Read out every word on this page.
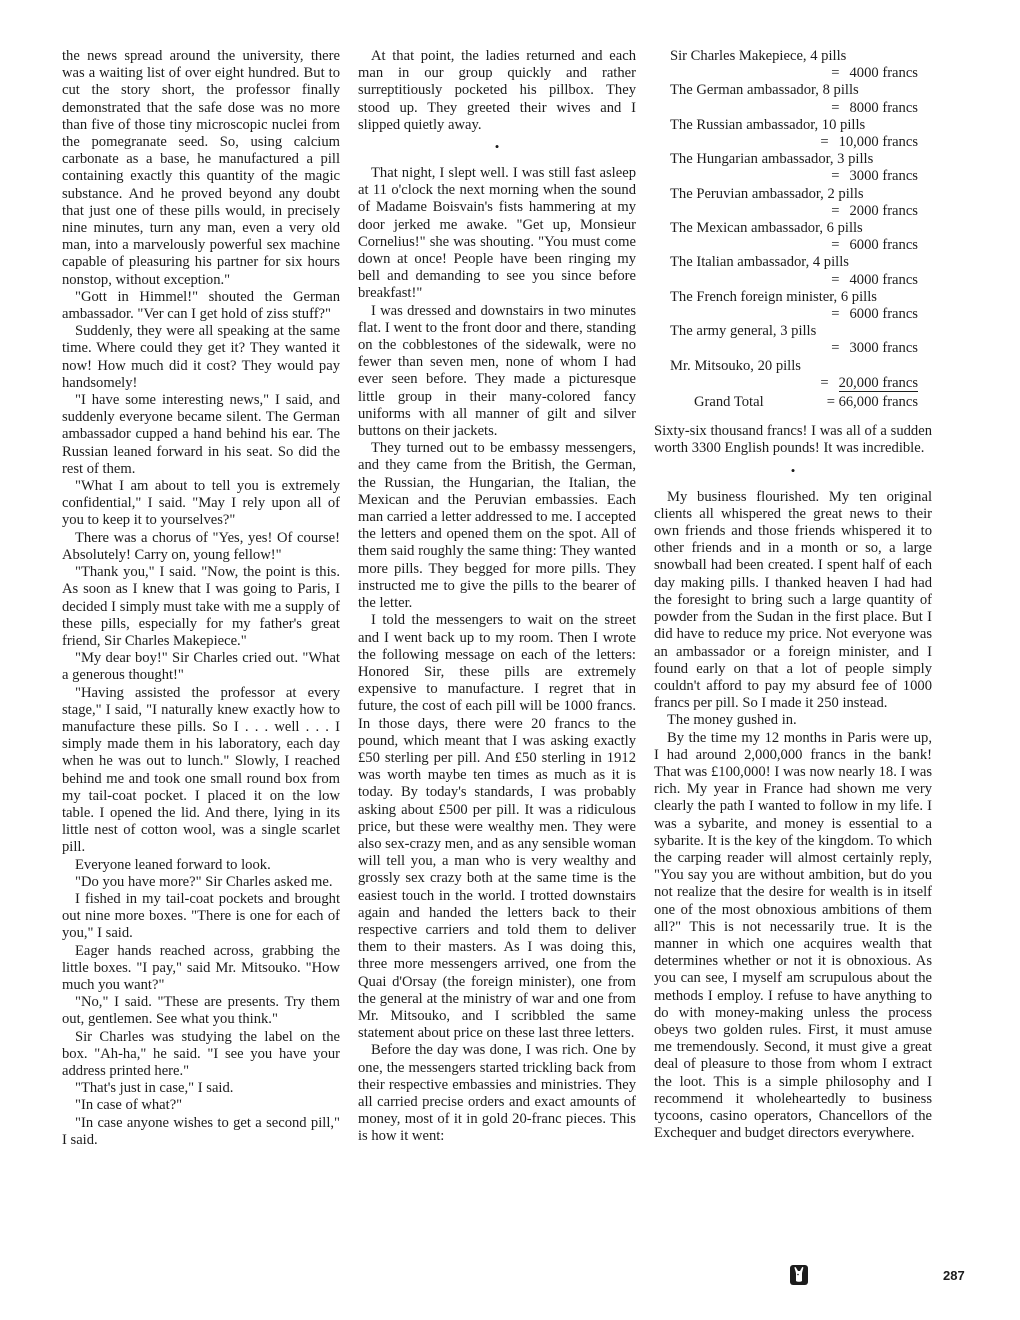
the news spread around the university, there was a waiting list of over eight hundred. But to cut the story short, the professor finally demonstrated that the safe dose was no more than five of those tiny microscopic nuclei from the pomegranate seed. So, using calcium carbonate as a base, he manufactured a pill containing exactly this quantity of the magic substance. And he proved beyond any doubt that just one of these pills would, in precisely nine minutes, turn any man, even a very old man, into a marvelously powerful sex machine capable of pleasuring his partner for six hours nonstop, without exception."

"Gott in Himmel!" shouted the German ambassador. "Ver can I get hold of ziss stuff?"

Suddenly, they were all speaking at the same time. Where could they get it? They wanted it now! How much did it cost? They would pay handsomely!

"I have some interesting news," I said, and suddenly everyone became silent. The German ambassador cupped a hand behind his ear. The Russian leaned forward in his seat. So did the rest of them.

"What I am about to tell you is extremely confidential," I said. "May I rely upon all of you to keep it to yourselves?"

There was a chorus of "Yes, yes! Of course! Absolutely! Carry on, young fellow!"

"Thank you," I said. "Now, the point is this. As soon as I knew that I was going to Paris, I decided I simply must take with me a supply of these pills, especially for my father's great friend, Sir Charles Makepiece."

"My dear boy!" Sir Charles cried out. "What a generous thought!"

"Having assisted the professor at every stage," I said, "I naturally knew exactly how to manufacture these pills. So I . . . well . . . I simply made them in his laboratory, each day when he was out to lunch." Slowly, I reached behind me and took one small round box from my tail-coat pocket. I placed it on the low table. I opened the lid. And there, lying in its little nest of cotton wool, was a single scarlet pill.

Everyone leaned forward to look.

"Do you have more?" Sir Charles asked me.

I fished in my tail-coat pockets and brought out nine more boxes. "There is one for each of you," I said.

Eager hands reached across, grabbing the little boxes. "I pay," said Mr. Mitsouko. "How much you want?"

"No," I said. "These are presents. Try them out, gentlemen. See what you think."

Sir Charles was studying the label on the box. "Ah-ha," he said. "I see you have your address printed here."

"That's just in case," I said.

"In case of what?"

"In case anyone wishes to get a second pill," I said.

At that point, the ladies returned and each man in our group quickly and rather surreptitiously pocketed his pillbox. They stood up. They greeted their wives and I slipped quietly away.

•

That night, I slept well. I was still fast asleep at 11 o'clock the next morning when the sound of Madame Boisvain's fists hammering at my door jerked me awake. "Get up, Monsieur Cornelius!" she was shouting. "You must come down at once! People have been ringing my bell and demanding to see you since before breakfast!"

I was dressed and downstairs in two minutes flat. I went to the front door and there, standing on the cobblestones of the sidewalk, were no fewer than seven men, none of whom I had ever seen before. They made a picturesque little group in their many-colored fancy uniforms with all manner of gilt and silver buttons on their jackets.

They turned out to be embassy messengers, and they came from the British, the German, the Russian, the Hungarian, the Italian, the Mexican and the Peruvian embassies. Each man carried a letter addressed to me. I accepted the letters and opened them on the spot. All of them said roughly the same thing: They wanted more pills. They begged for more pills. They instructed me to give the pills to the bearer of the letter.

I told the messengers to wait on the street and I went back up to my room. Then I wrote the following message on each of the letters: Honored Sir, these pills are extremely expensive to manufacture. I regret that in future, the cost of each pill will be 1000 francs. In those days, there were 20 francs to the pound, which meant that I was asking exactly £50 sterling per pill. And £50 sterling in 1912 was worth maybe ten times as much as it is today. By today's standards, I was probably asking about £500 per pill. It was a ridiculous price, but these were wealthy men. They were also sex-crazy men, and as any sensible woman will tell you, a man who is very wealthy and grossly sex crazy both at the same time is the easiest touch in the world. I trotted downstairs again and handed the letters back to their respective carriers and told them to deliver them to their masters. As I was doing this, three more messengers arrived, one from the Quai d'Orsay (the foreign minister), one from the general at the ministry of war and one from Mr. Mitsouko, and I scribbled the same statement about price on these last three letters.

Before the day was done, I was rich. One by one, the messengers started trickling back from their respective embassies and ministries. They all carried precise orders and exact amounts of money, most of it in gold 20-franc pieces. This is how it went:

Sir Charles Makepiece, 4 pills
= 4000 francs
The German ambassador, 8 pills
= 8000 francs
The Russian ambassador, 10 pills
= 10,000 francs
The Hungarian ambassador, 3 pills
= 3000 francs
The Peruvian ambassador, 2 pills
= 2000 francs
The Mexican ambassador, 6 pills
= 6000 francs
The Italian ambassador, 4 pills
= 4000 francs
The French foreign minister, 6 pills
= 6000 francs
The army general, 3 pills
= 3000 francs
Mr. Mitsouko, 20 pills
= 20,000 francs
Grand Total	= 66,000 francs

Sixty-six thousand francs! I was all of a sudden worth 3300 English pounds! It was incredible.

•

My business flourished. My ten original clients all whispered the great news to their own friends and those friends whispered it to other friends and in a month or so, a large snowball had been created. I spent half of each day making pills. I thanked heaven I had had the foresight to bring such a large quantity of powder from the Sudan in the first place. But I did have to reduce my price. Not everyone was an ambassador or a foreign minister, and I found early on that a lot of people simply couldn't afford to pay my absurd fee of 1000 francs per pill. So I made it 250 instead.

The money gushed in.

By the time my 12 months in Paris were up, I had around 2,000,000 francs in the bank! That was £100,000! I was now nearly 18. I was rich. My year in France had shown me very clearly the path I wanted to follow in my life. I was a sybarite, and money is essential to a sybarite. It is the key of the kingdom. To which the carping reader will almost certainly reply, "You say you are without ambition, but do you not realize that the desire for wealth is in itself one of the most obnoxious ambitions of them all?" This is not necessarily true. It is the manner in which one acquires wealth that determines whether or not it is obnoxious. As you can see, I myself am scrupulous about the methods I employ. I refuse to have anything to do with money-making unless the process obeys two golden rules. First, it must amuse me tremendously. Second, it must give a great deal of pleasure to those from whom I extract the loot. This is a simple philosophy and I recommend it wholeheartedly to business tycoons, casino operators, Chancellors of the Exchequer and budget directors everywhere.

287
